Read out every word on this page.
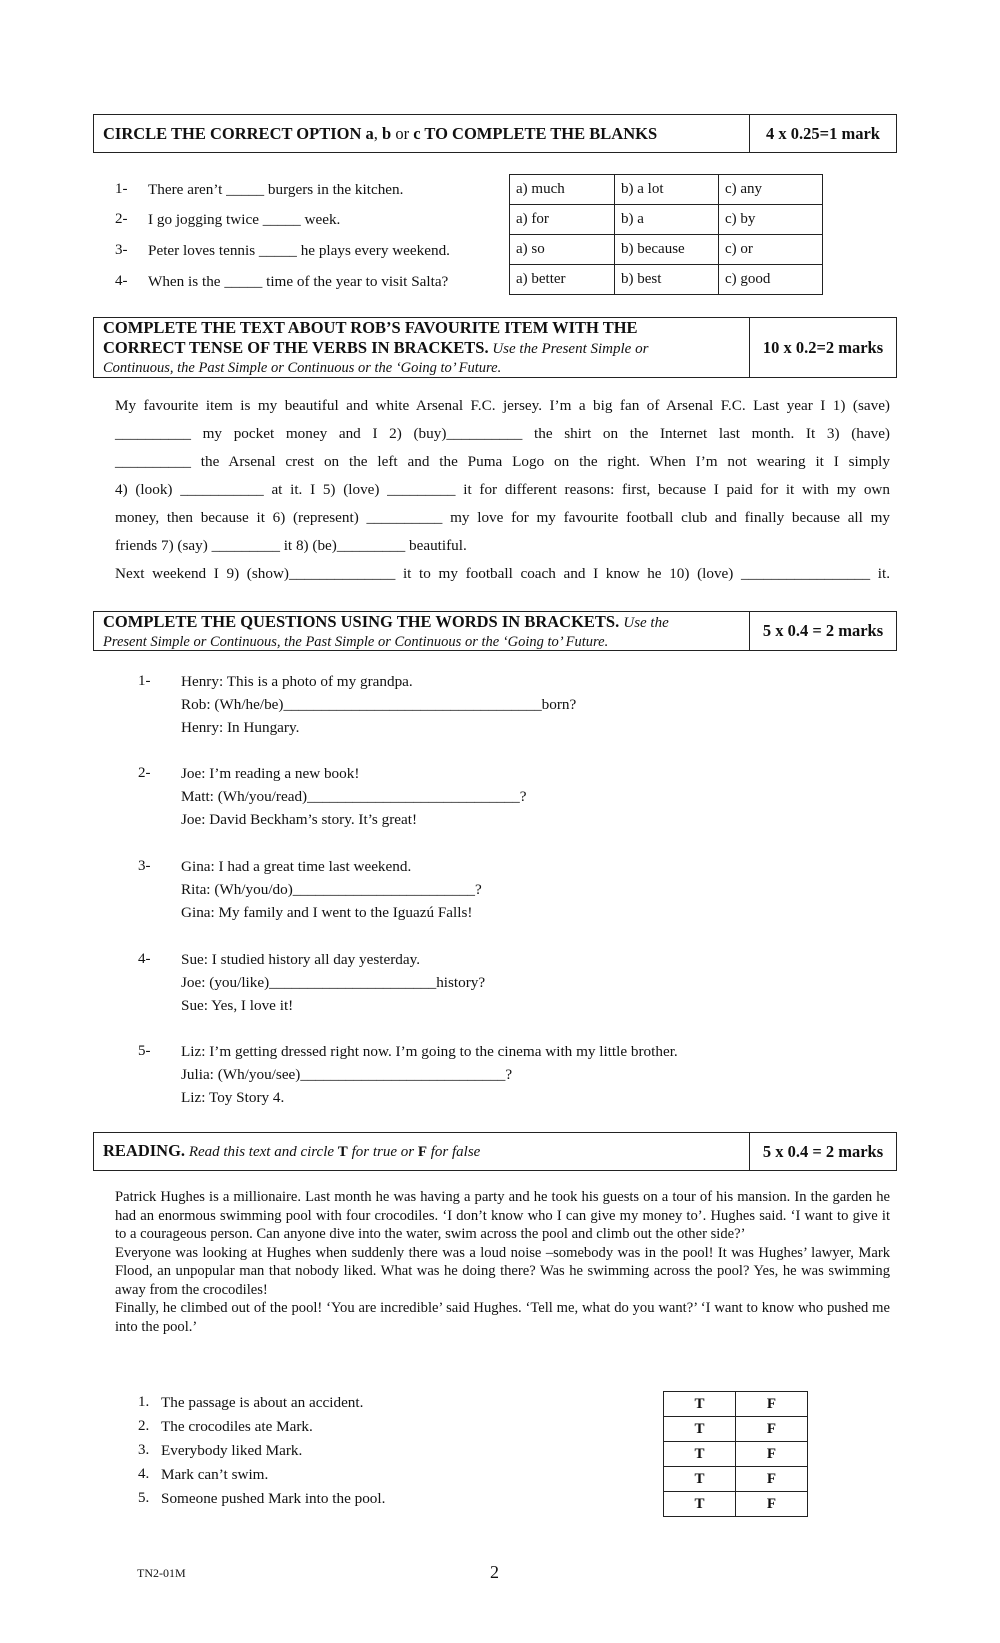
CIRCLE THE CORRECT OPTION a, b or c TO COMPLETE THE BLANKS	4 x 0.25=1 mark
1- There aren’t _____ burgers in the kitchen.
2- I go jogging twice _____ week.
3- Peter loves tennis _____ he plays every weekend.
4- When is the _____ time of the year to visit Salta?
a) much	b) a lot	c) any
a) for	b) a	c) by
a) so	b) because	c) or
a) better	b) best	c) good
COMPLETE THE TEXT ABOUT ROB’S FAVOURITE ITEM WITH THE
CORRECT TENSE OF THE VERBS IN BRACKETS. Use the Present Simple or
Continuous, the Past Simple or Continuous or the ‘Going to’ Future.
10 x 0.2=2 marks
My favourite item is my beautiful and white Arsenal F.C. jersey. I’m a big fan of Arsenal F.C. Last year I 1) (save)
__________ my pocket money and I 2) (buy)__________ the shirt on the Internet last month. It 3) (have)
__________ the Arsenal crest on the left and the Puma Logo on the right. When I’m not wearing it I simply
4) (look) ___________ at it. I 5) (love) _________ it for different reasons: first, because I paid for it with my own
money, then because it 6) (represent) __________ my love for my favourite football club and finally because all my
friends 7) (say) _________ it 8) (be)_________ beautiful.
Next weekend I 9) (show)______________ it to my football coach and I know he 10) (love) _________________ it.
COMPLETE THE QUESTIONS USING THE WORDS IN BRACKETS. Use the
Present Simple or Continuous, the Past Simple or Continuous or the ‘Going to’ Future.
5 x 0.4 = 2 marks
1- Henry: This is a photo of my grandpa.
Rob: (Wh/he/be)__________________________________born?
Henry: In Hungary.
2- Joe: I’m reading a new book!
Matt: (Wh/you/read)____________________________?
Joe: David Beckham’s story. It’s great!
3- Gina: I had a great time last weekend.
Rita: (Wh/you/do)________________________?
Gina: My family and I went to the Iguazú Falls!
4- Sue: I studied history all day yesterday.
Joe: (you/like)______________________history?
Sue: Yes, I love it!
5- Liz: I’m getting dressed right now. I’m going to the cinema with my little brother.
Julia: (Wh/you/see)___________________________?
Liz: Toy Story 4.
READING. Read this text and circle T for true or F for false	5 x 0.4 = 2 marks
Patrick Hughes is a millionaire. Last month he was having a party and he took his guests on a tour of his mansion. In the garden he had an enormous swimming pool with four crocodiles. ‘I don’t know who I can give my money to’. Hughes said. ‘I want to give it to a courageous person. Can anyone dive into the water, swim across the pool and climb out the other side?’
Everyone was looking at Hughes when suddenly there was a loud noise –somebody was in the pool! It was Hughes’ lawyer, Mark Flood, an unpopular man that nobody liked. What was he doing there? Was he swimming across the pool? Yes, he was swimming away from the crocodiles!
Finally, he climbed out of the pool! ‘You are incredible’ said Hughes. ‘Tell me, what do you want?’ ‘I want to know who pushed me into the pool.’
1. The passage is about an accident.
2. The crocodiles ate Mark.
3. Everybody liked Mark.
4. Mark can’t swim.
5. Someone pushed Mark into the pool.
T	F
T	F
T	F
T	F
T	F
TN2-01M	2
